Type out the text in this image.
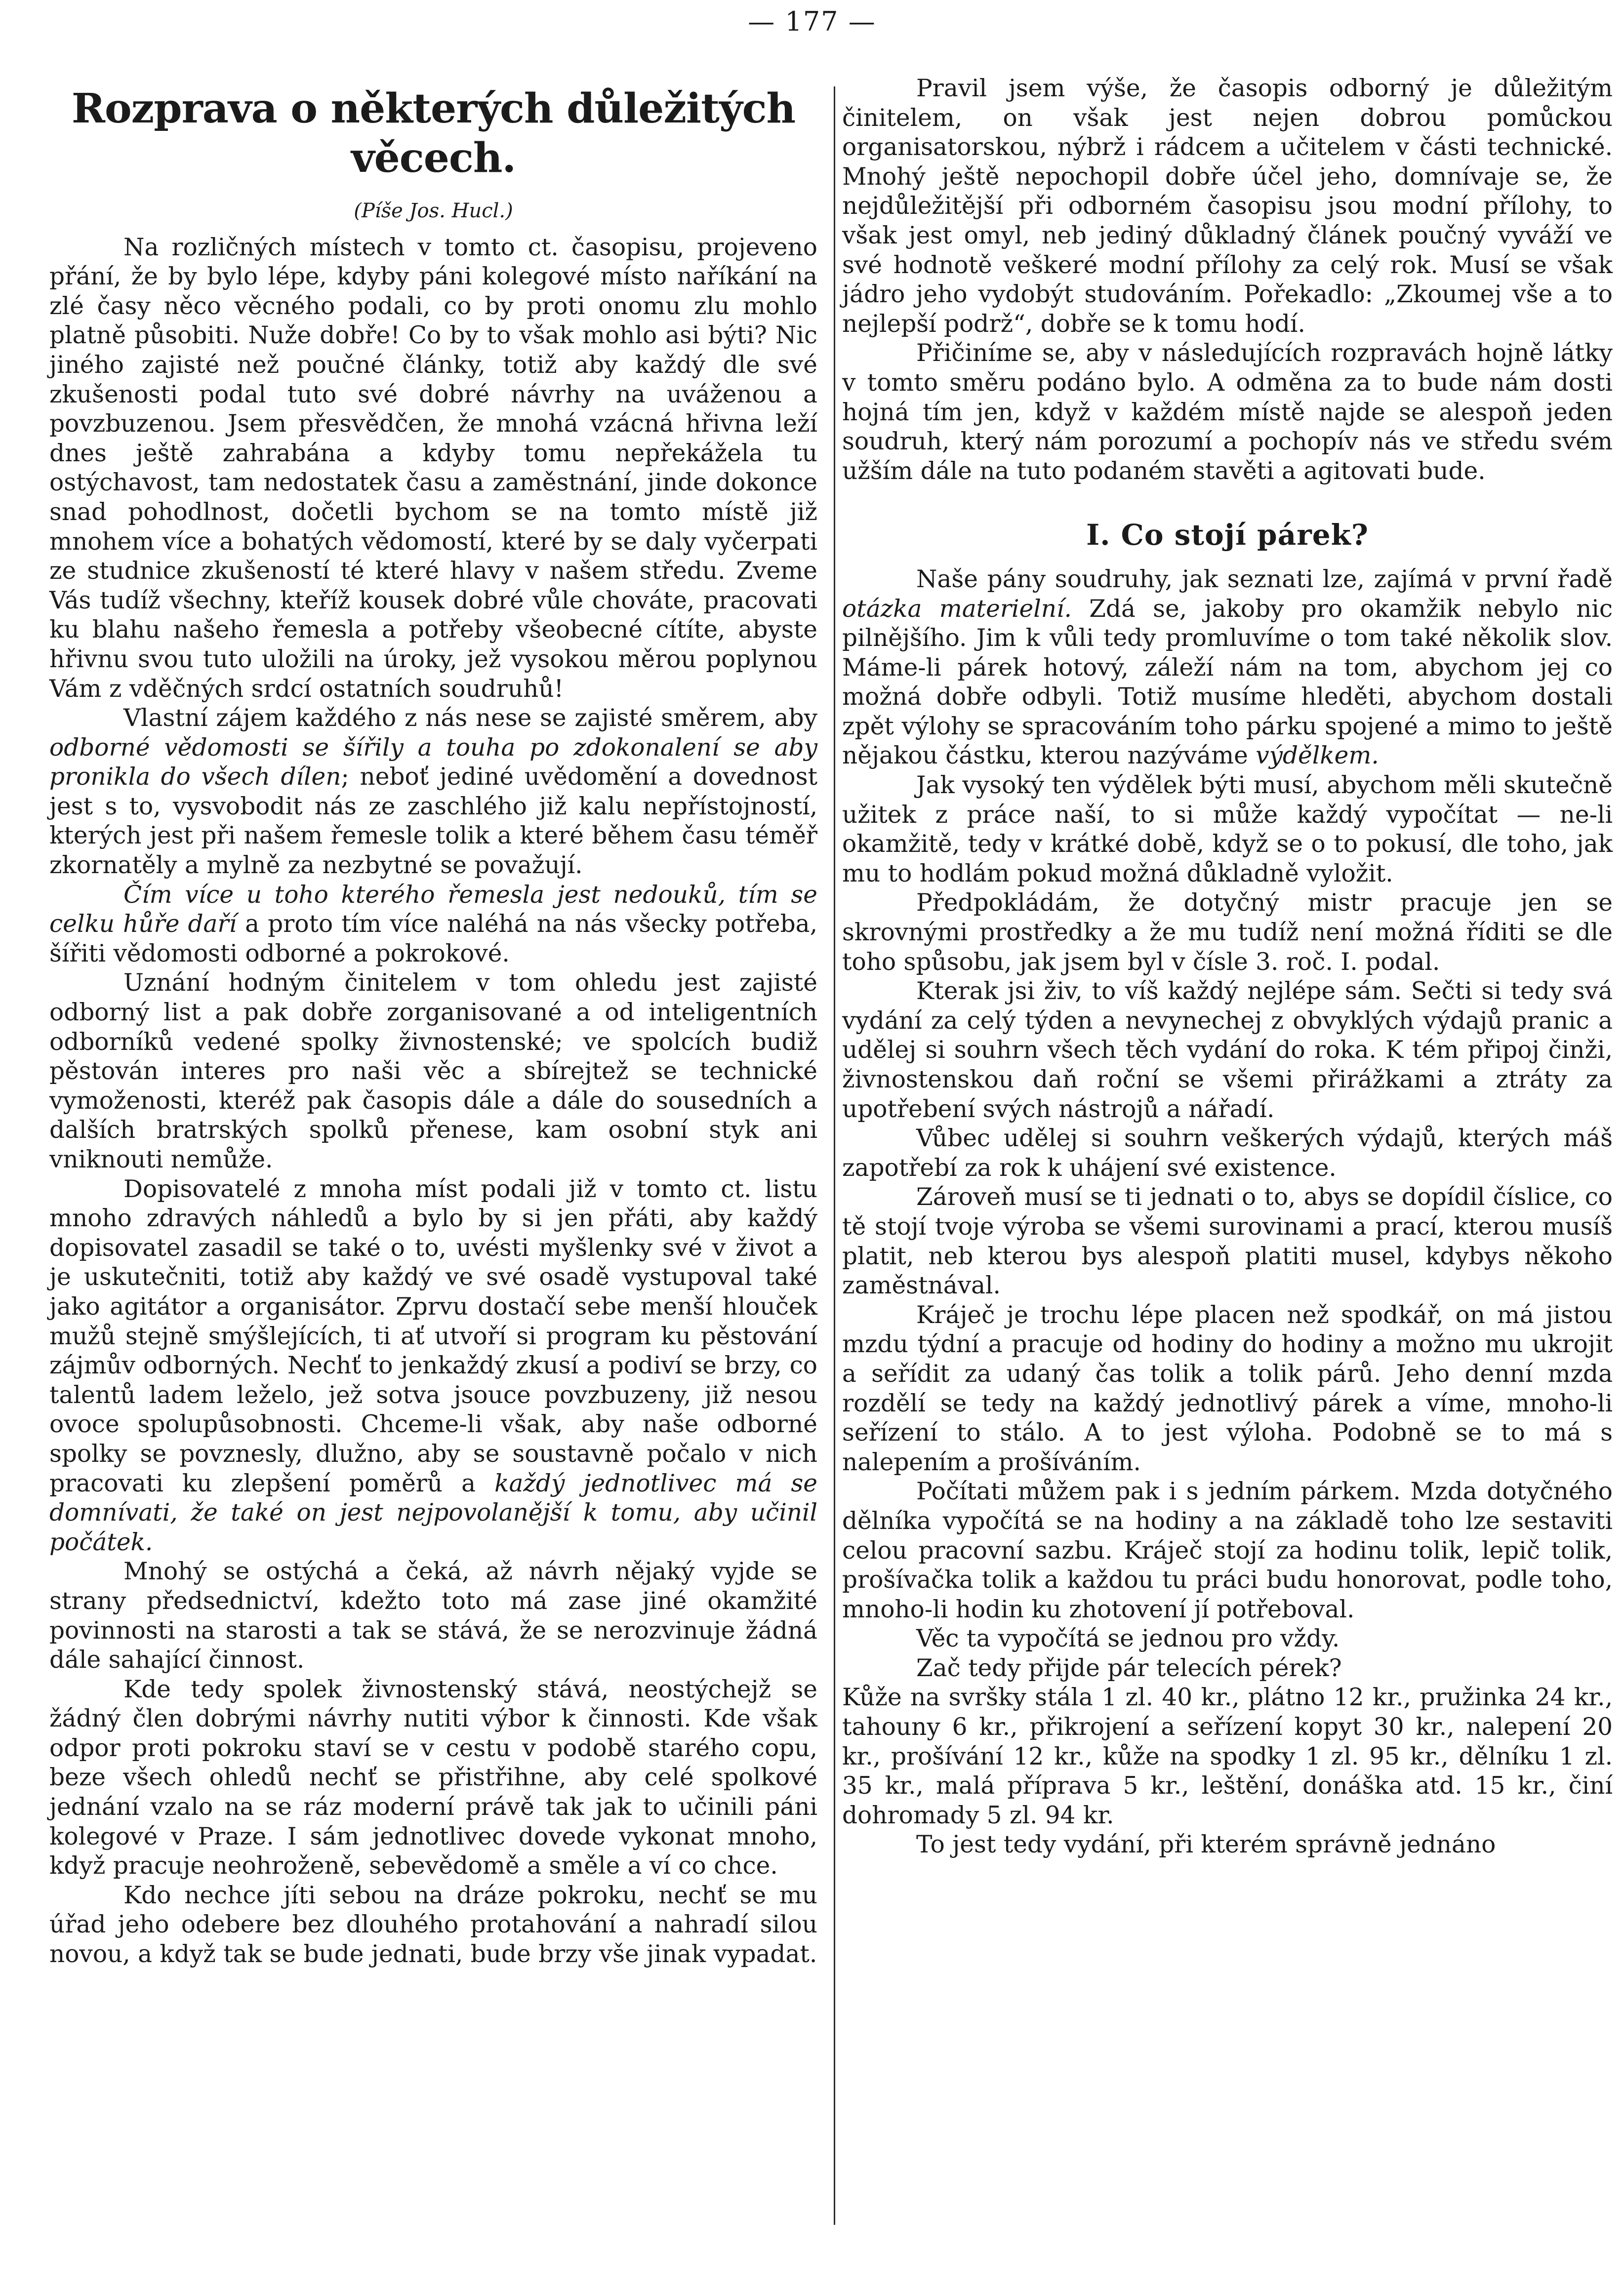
— 177 —
Rozprava o některých důležitých věcech.
(Píše Jos. Hucl.)

Na rozličných místech v tomto ct. časopisu, projeveno přání, že by bylo lépe, kdyby páni kolegové místo naříkání na zlé časy něco věcného podali, co by proti onomu zlu mohlo platně působiti. Nuže dobře! Co by to však mohlo asi býti? Nic jiného zajisté než poučné články, totiž aby každý dle své zkušenosti podal tuto své dobré návrhy na uváženou a povzbuzenou. Jsem přesvědčen, že mnohá vzácná hřivna leží dnes ještě zahrabána a kdyby tomu nepřekážela tu ostýchavost, tam nedostatek času a zaměstnání, jinde dokonce snad pohodlnost, dočetli bychom se na tomto místě již mnohem více a bohatých vědomostí, které by se daly vyčerpati ze studnice zkušeností té které hlavy v našem středu. Zveme Vás tudíž všechny, kteříž kousek dobré vůle chováte, pracovati ku blahu našeho řemesla a potřeby všeobecné cítíte, abyste hřivnu svou tuto uložili na úroky, jež vysokou měrou poplynou Vám z vděčných srdcí ostatních soudruhů!

Vlastní zájem každého z nás nese se zajisté směrem, aby odborné vědomosti se šířily a touha po zdokonalení se aby pronikla do všech dílen; neboť jediné uvědomění a dovednost jest s to, vysvobodit nás ze zaschlého již kalu nepřístojností, kterých jest při našem řemesle tolik a které během času téměř zkornatěly a mylně za nezbytné se považují.

Čím více u toho kterého řemesla jest nedouků, tím se celku hůře daří a proto tím více naléhá na nás všecky potřeba, šířiti vědomosti odborné a pokrokové.

Uznání hodným činitelem v tom ohledu jest zajisté odborný list a pak dobře zorganisované a od inteligentních odborníků vedené spolky živnostenské; ve spolcích budiž pěstován interes pro naši věc a sbírejtež se technické vymoženosti, kteréž pak časopis dále a dále do sousedních a dalších bratrských spolků přenese, kam osobní styk ani vniknouti nemůže.

Dopisovatelé z mnoha míst podali již v tomto ct. listu mnoho zdravých náhledů a bylo by si jen přáti, aby každý dopisovatel zasadil se také o to, uvésti myšlenky své v život a je uskutečniti, totiž aby každý ve své osadě vystupoval také jako agitátor a organisátor. Zprvu dostačí sebe menší hlouček mužů stejně smýšlejících, ti ať utvoří si program ku pěstování zájmův odborných. Nechť to jenkaždý zkusí a podiví se brzy, co talentů ladem leželo, jež sotva jsouce povzbuzeny, již nesou ovoce spolupůsobnosti. Chceme-li však, aby naše odborné spolky se povznesly, dlužno, aby se soustavně počalo v nich pracovati ku zlepšení poměrů a každý jednotlivec má se domnívati, že také on jest nejpovolanější k tomu, aby učinil počátek.

Mnohý se ostýchá a čeká, až návrh nějaký vyjde se strany předsednictví, kdežto toto má zase jiné okamžité povinnosti na starosti a tak se stává, že se nerozvinuje žádná dále sahající činnost.

Kde tedy spolek živnostenský stává, neostýchejž se žádný člen dobrými návrhy nutiti výbor k činnosti. Kde však odpor proti pokroku staví se v cestu v podobě starého copu, beze všech ohledů nechť se přistřihne, aby celé spolkové jednání vzalo na se ráz moderní právě tak jak to učinili páni kolegové v Praze. I sám jednotlivec dovede vykonat mnoho, když pracuje neohroženě, sebevědomě a směle a ví co chce.

Kdo nechce jíti sebou na dráze pokroku, nechť se mu úřad jeho odebere bez dlouhého protahování a nahradí silou novou, a když tak se bude jednati, bude brzy vše jinak vypadat.

Pravil jsem výše, že časopis odborný je důležitým činitelem, on však jest nejen dobrou pomůckou organisatorskou, nýbrž i rádcem a učitelem v části technické. Mnohý ještě nepochopil dobře účel jeho, domnívaje se, že nejdůležitější při odborném časopisu jsou modní přílohy, to však jest omyl, neb jediný důkladný článek poučný vyváží ve své hodnotě veškeré modní přílohy za celý rok. Musí se však jádro jeho vydobýt studováním. Pořekadlo: „Zkoumej vše a to nejlepší podrž“, dobře se k tomu hodí.

Přičiníme se, aby v následujících rozpravách hojně látky v tomto směru podáno bylo. A odměna za to bude nám dosti hojná tím jen, když v každém místě najde se alespoň jeden soudruh, který nám porozumí a pochopív nás ve středu svém užším dále na tuto podaném stavěti a agitovati bude.

I. Co stojí párek?

Naše pány soudruhy, jak seznati lze, zajímá v první řadě otázka materielní. Zdá se, jakoby pro okamžik nebylo nic pilnějšího. Jim k vůli tedy promluvíme o tom také několik slov. Máme-li párek hotový, záleží nám na tom, abychom jej co možná dobře odbyli. Totiž musíme hleděti, abychom dostali zpět výlohy se spracováním toho párku spojené a mimo to ještě nějakou částku, kterou nazýváme výdělkem.

Jak vysoký ten výdělek býti musí, abychom měli skutečně užitek z práce naší, to si může každý vypočítat — ne-li okamžitě, tedy v krátké době, když se o to pokusí, dle toho, jak mu to hodlám pokud možná důkladně vyložit.

Předpokládám, že dotyčný mistr pracuje jen se skrovnými prostředky a že mu tudíž není možná říditi se dle toho spůsobu, jak jsem byl v čísle 3. roč. I. podal.

Kterak jsi živ, to víš každý nejlépe sám. Sečti si tedy svá vydání za celý týden a nevynechej z obvyklých výdajů pranic a udělej si souhrn všech těch vydání do roka. K tém připoj činži, živnostenskou daň roční se všemi přirážkami a ztráty za upotřebení svých nástrojů a nářadí.

Vůbec udělej si souhrn veškerých výdajů, kterých máš zapotřebí za rok k uhájení své existence.

Zároveň musí se ti jednati o to, abys se dopídil číslice, co tě stojí tvoje výroba se všemi surovinami a prací, kterou musíš platit, neb kterou bys alespoň platiti musel, kdybys někoho zaměstnával.

Kráječ je trochu lépe placen než spodkář, on má jistou mzdu týdní a pracuje od hodiny do hodiny a možno mu ukrojit a seřídit za udaný čas tolik a tolik párů. Jeho denní mzda rozdělí se tedy na každý jednotlivý párek a víme, mnoho-li seřízení to stálo. A to jest výloha. Podobně se to má s nalepením a prošíváním.

Počítati můžem pak i s jedním párkem. Mzda dotyčného dělníka vypočítá se na hodiny a na základě toho lze sestaviti celou pracovní sazbu. Kráječ stojí za hodinu tolik, lepič tolik, prošívačka tolik a každou tu práci budu honorovat, podle toho, mnoho-li hodin ku zhotovení jí potřeboval.

Věc ta vypočítá se jednou pro vždy.

Zač tedy přijde pár telecích pérek?

Kůže na svršky stála 1 zl. 40 kr., plátno 12 kr., pružinka 24 kr., tahouny 6 kr., přikrojení a seřízení kopyt 30 kr., nalepení 20 kr., prošívání 12 kr., kůže na spodky 1 zl. 95 kr., dělníku 1 zl. 35 kr., malá příprava 5 kr., leštění, donáška atd. 15 kr., činí dohromady 5 zl. 94 kr.

To jest tedy vydání, při kterém správně jednáno
